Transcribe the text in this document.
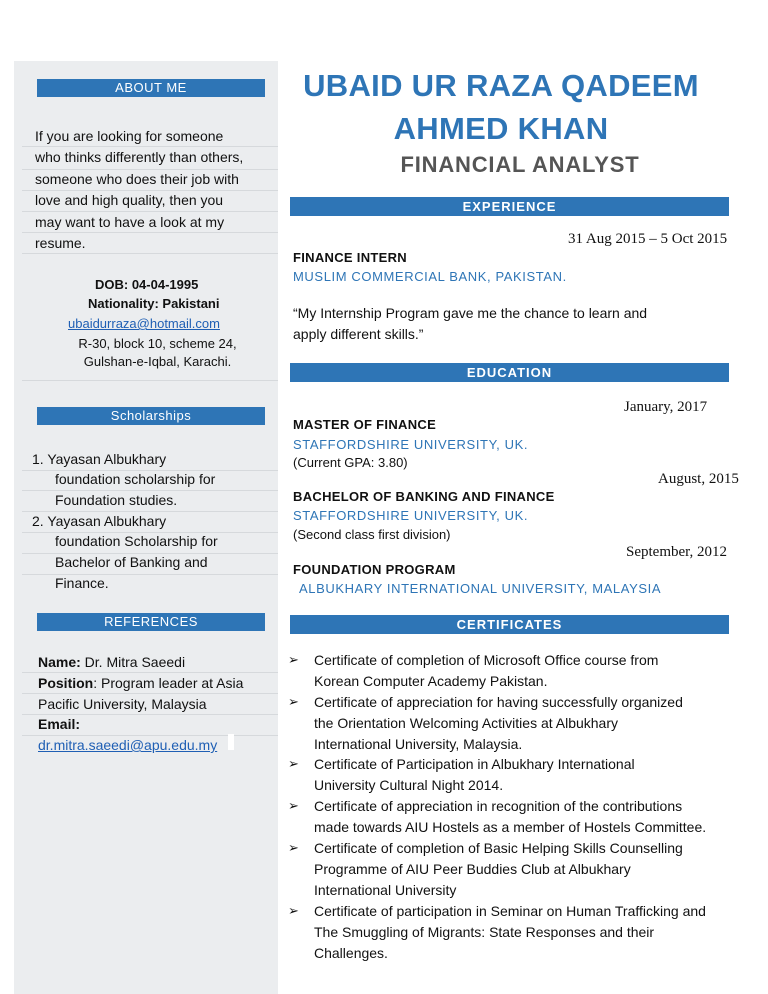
ABOUT ME
If you are looking for someone
who thinks differently than others,
someone who does their job with
love and high quality, then you
may want to have a look at my
resume.
DOB: 04-04-1995
Nationality: Pakistani
ubaidurraza@hotmail.com
R-30, block 10, scheme 24,
Gulshan-e-Iqbal, Karachi.
Scholarships
1. Yayasan Albukhary
foundation scholarship for
Foundation studies.
2. Yayasan Albukhary
foundation Scholarship for
Bachelor of Banking and
Finance.
REFERENCES
Name: Dr. Mitra Saeedi
Position: Program leader at Asia
Pacific University, Malaysia
Email:
dr.mitra.saeedi@apu.edu.my
UBAID UR RAZA QADEEM
AHMED KHAN
FINANCIAL ANALYST
EXPERIENCE
31 Aug 2015 – 5 Oct 2015
FINANCE INTERN
MUSLIM COMMERCIAL BANK, PAKISTAN.
“My Internship Program gave me the chance to learn and
apply different skills.”
EDUCATION
January, 2017
MASTER OF FINANCE
STAFFORDSHIRE UNIVERSITY, UK.
(Current GPA: 3.80)
August, 2015
BACHELOR OF BANKING AND FINANCE
STAFFORDSHIRE UNIVERSITY, UK.
(Second class first division)
September, 2012
FOUNDATION PROGRAM
ALBUKHARY INTERNATIONAL UNIVERSITY, MALAYSIA
CERTIFICATES
➢ Certificate of completion of Microsoft Office course from
Korean Computer Academy Pakistan.
➢ Certificate of appreciation for having successfully organized
the Orientation Welcoming Activities at Albukhary
International University, Malaysia.
➢ Certificate of Participation in Albukhary International
University Cultural Night 2014.
➢ Certificate of appreciation in recognition of the contributions
made towards AIU Hostels as a member of Hostels Committee.
➢ Certificate of completion of Basic Helping Skills Counselling
Programme of AIU Peer Buddies Club at Albukhary
International University
➢ Certificate of participation in Seminar on Human Trafficking and
The Smuggling of Migrants: State Responses and their
Challenges.
